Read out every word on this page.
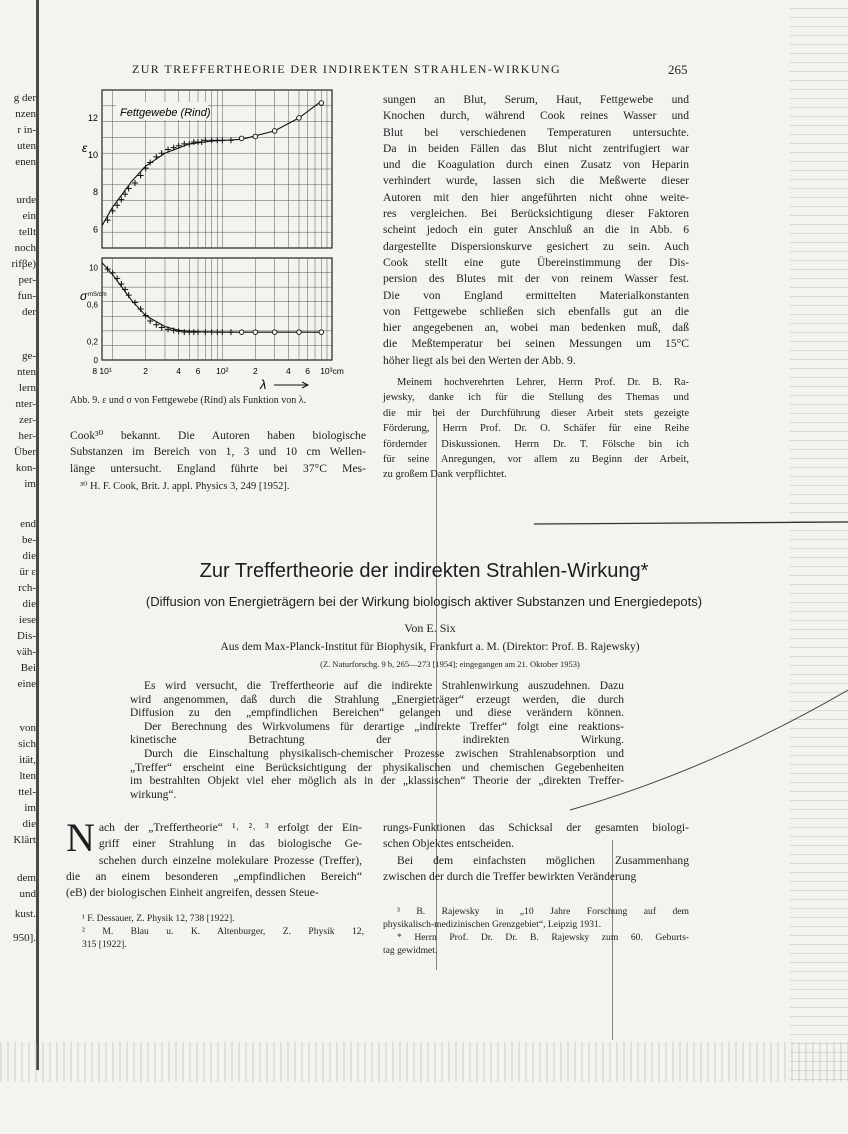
g der
nzen
r in-
uten
enen
urde
ein
tellt
noch
rifβe)
per-
fun-
der
ge-
nten
lern
nter-
zer-
her-
Über
kon-
im
end
be-
die
ür ε
rch-
die
iese
Dis-
väh-
Bei
eine
von
sich
ität,
lten
ttel-
im
die
Klärt
dem
und
kust.
950].
ZUR TREFFERTHEORIE DER INDIREKTEN STRAHLEN-WIRKUNG	265
Fettgewebe (Rind)
ε
12
10
8
6
σ mS/cm
10
0,6
0,2
0
8 10¹	2	4 6 10²	2	4 6 10³cm
λ
Abb. 9. ε und σ von Fettgewebe (Rind) als Funktion von λ.
Cook³⁰ bekannt. Die Autoren haben biologische
Substanzen im Bereich von 1, 3 und 10 cm Wellen-
länge untersucht. England führte bei 37°C Mes-
³⁰ H. F. Cook, Brit. J. appl. Physics 3, 249 [1952].
sungen an Blut, Serum, Haut, Fettgewebe und
Knochen durch, während Cook reines Wasser und
Blut bei verschiedenen Temperaturen untersuchte.
Da in beiden Fällen das Blut nicht zentrifugiert war
und die Koagulation durch einen Zusatz von Heparin
verhindert wurde, lassen sich die Meßwerte dieser
Autoren mit den hier angeführten nicht ohne weite-
res vergleichen. Bei Berücksichtigung dieser Faktoren
scheint jedoch ein guter Anschluß an die in Abb. 6
dargestellte Dispersionskurve gesichert zu sein. Auch
Cook stellt eine gute Übereinstimmung der Dis-
persion des Blutes mit der von reinem Wasser fest.
Die von England ermittelten Materialkonstanten
von Fettgewebe schließen sich ebenfalls gut an die
hier angegebenen an, wobei man bedenken muß, daß
die Meßtemperatur bei seinen Messungen um 15°C
höher liegt als bei den Werten der Abb. 9.
Meinem hochverehrten Lehrer, Herrn Prof. Dr. B. Ra-
jewsky, danke ich für die Stellung des Themas und
die mir bei der Durchführung dieser Arbeit stets gezeigte
Förderung, Herrn Prof. Dr. O. Schäfer für eine Reihe
fördernder Diskussionen. Herrn Dr. T. Fölsche bin ich
für seine Anregungen, vor allem zu Beginn der Arbeit,
zu großem Dank verpflichtet.
Zur Treffertheorie der indirekten Strahlen-Wirkung*
(Diffusion von Energieträgern bei der Wirkung biologisch aktiver Substanzen und Energiedepots)
Von E. Six
Aus dem Max-Planck-Institut für Biophysik, Frankfurt a. M. (Direktor: Prof. B. Rajewsky)
(Z. Naturforschg. 9 b, 265—273 [1954]; eingegangen am 21. Oktober 1953)
Es wird versucht, die Treffertheorie auf die indirekte Strahlenwirkung auszudehnen. Dazu
wird angenommen, daß durch die Strahlung „Energieträger“ erzeugt werden, die durch
Diffusion zu den „empfindlichen Bereichen“ gelangen und diese verändern können.
Der Berechnung des Wirkvolumens für derartige „indirekte Treffer“ folgt eine reaktions-
kinetische Betrachtung der indirekten Wirkung.
Durch die Einschaltung physikalisch-chemischer Prozesse zwischen Strahlenabsorption und
„Treffer“ erscheint eine Berücksichtigung der physikalischen und chemischen Gegebenheiten
im bestrahlten Objekt viel eher möglich als in der „klassischen“ Theorie der „direkten Treffer-
wirkung“.
N ach der „Treffertheorie“ ¹˒ ²˒ ³ erfolgt der Ein-
griff einer Strahlung in das biologische Ge-
schehen durch einzelne molekulare Prozesse (Treffer),
die an einem besonderen „empfindlichen Bereich“
(eB) der biologischen Einheit angreifen, dessen Steue-
rungs-Funktionen das Schicksal der gesamten biologi-
schen Objektes entscheiden.
Bei dem einfachsten möglichen Zusammenhang
zwischen der durch die Treffer bewirkten Veränderung
¹ F. Dessauer, Z. Physik 12, 738 [1922].
² M. Blau u. K. Altenburger, Z. Physik 12,
315 [1922].
³ B. Rajewsky in „10 Jahre Forschung auf dem
physikalisch-medizinischen Grenzgebiet“, Leipzig 1931.
* Herrn Prof. Dr. Dr. B. Rajewsky zum 60. Geburts-
tag gewidmet.
